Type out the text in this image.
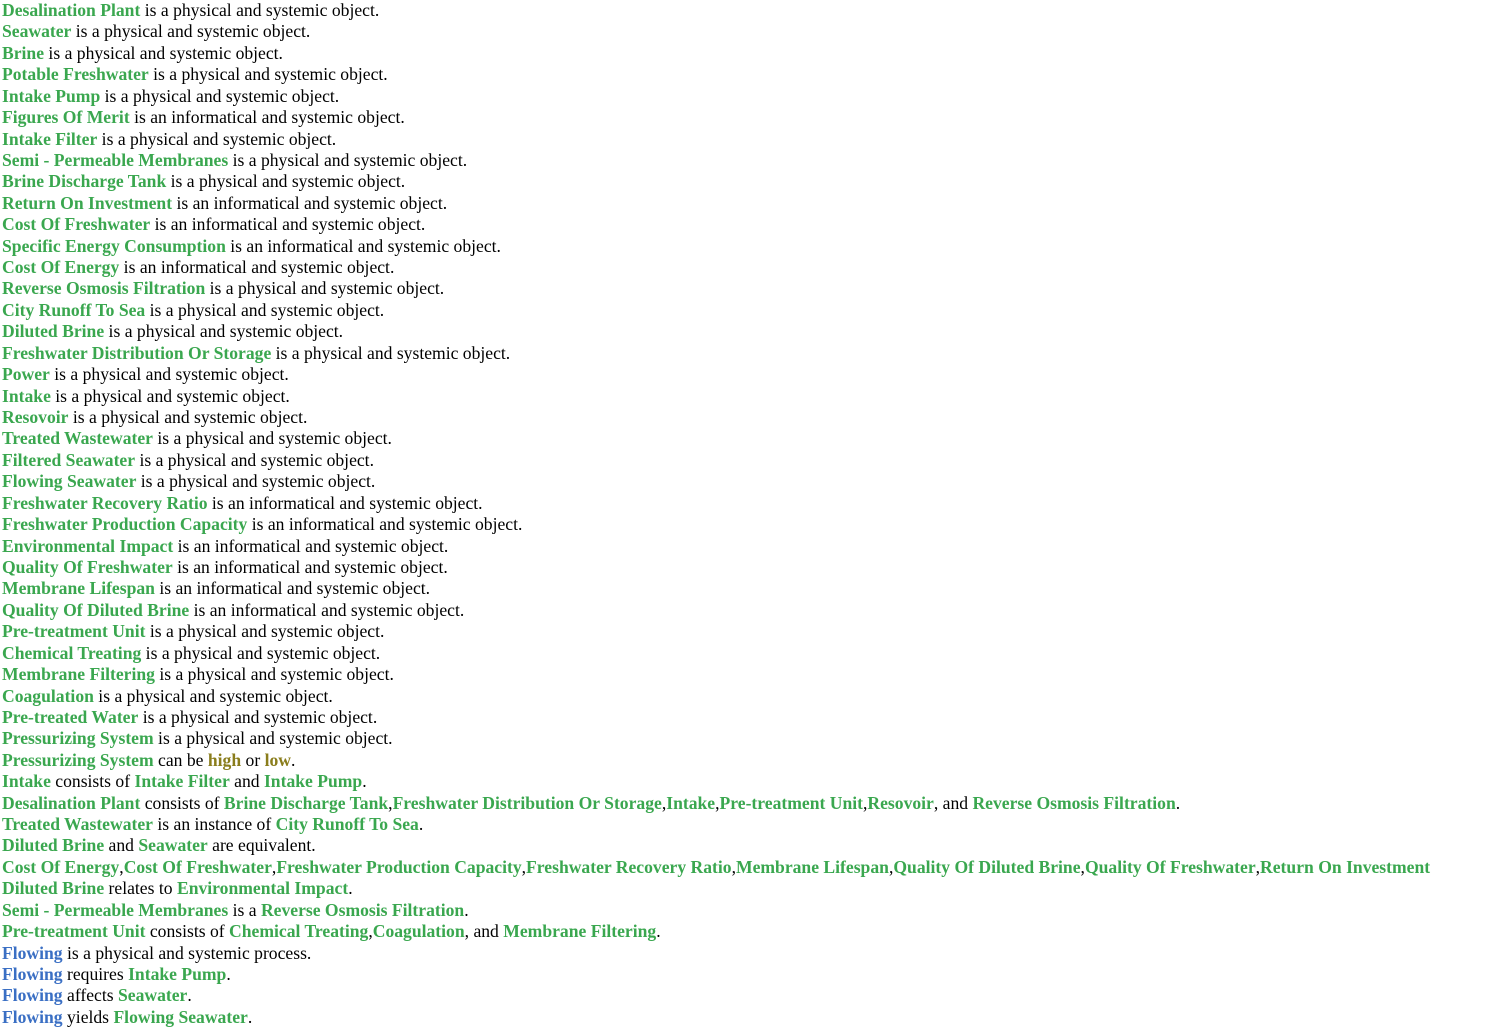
Desalination Plant is a physical and systemic object.
Seawater is a physical and systemic object.
Brine is a physical and systemic object.
Potable Freshwater is a physical and systemic object.
Intake Pump is a physical and systemic object.
Figures Of Merit is an informatical and systemic object.
Intake Filter is a physical and systemic object.
Semi - Permeable Membranes is a physical and systemic object.
Brine Discharge Tank is a physical and systemic object.
Return On Investment is an informatical and systemic object.
Cost Of Freshwater is an informatical and systemic object.
Specific Energy Consumption is an informatical and systemic object.
Cost Of Energy is an informatical and systemic object.
Reverse Osmosis Filtration is a physical and systemic object.
City Runoff To Sea is a physical and systemic object.
Diluted Brine is a physical and systemic object.
Freshwater Distribution Or Storage is a physical and systemic object.
Power is a physical and systemic object.
Intake is a physical and systemic object.
Resovoir is a physical and systemic object.
Treated Wastewater is a physical and systemic object.
Filtered Seawater is a physical and systemic object.
Flowing Seawater is a physical and systemic object.
Freshwater Recovery Ratio is an informatical and systemic object.
Freshwater Production Capacity is an informatical and systemic object.
Environmental Impact is an informatical and systemic object.
Quality Of Freshwater is an informatical and systemic object.
Membrane Lifespan is an informatical and systemic object.
Quality Of Diluted Brine is an informatical and systemic object.
Pre-treatment Unit is a physical and systemic object.
Chemical Treating is a physical and systemic object.
Membrane Filtering is a physical and systemic object.
Coagulation is a physical and systemic object.
Pre-treated Water is a physical and systemic object.
Pressurizing System is a physical and systemic object.
Pressurizing System can be high or low.
Intake consists of Intake Filter and Intake Pump.
Desalination Plant consists of Brine Discharge Tank,Freshwater Distribution Or Storage,Intake,Pre-treatment Unit,Resovoir, and Reverse Osmosis Filtration.
Treated Wastewater is an instance of City Runoff To Sea.
Diluted Brine and Seawater are equivalent.
Cost Of Energy,Cost Of Freshwater,Freshwater Production Capacity,Freshwater Recovery Ratio,Membrane Lifespan,Quality Of Diluted Brine,Quality Of Freshwater,Return On Investment
Diluted Brine relates to Environmental Impact.
Semi - Permeable Membranes is a Reverse Osmosis Filtration.
Pre-treatment Unit consists of Chemical Treating,Coagulation, and Membrane Filtering.
Flowing is a physical and systemic process.
Flowing requires Intake Pump.
Flowing affects Seawater.
Flowing yields Flowing Seawater.
